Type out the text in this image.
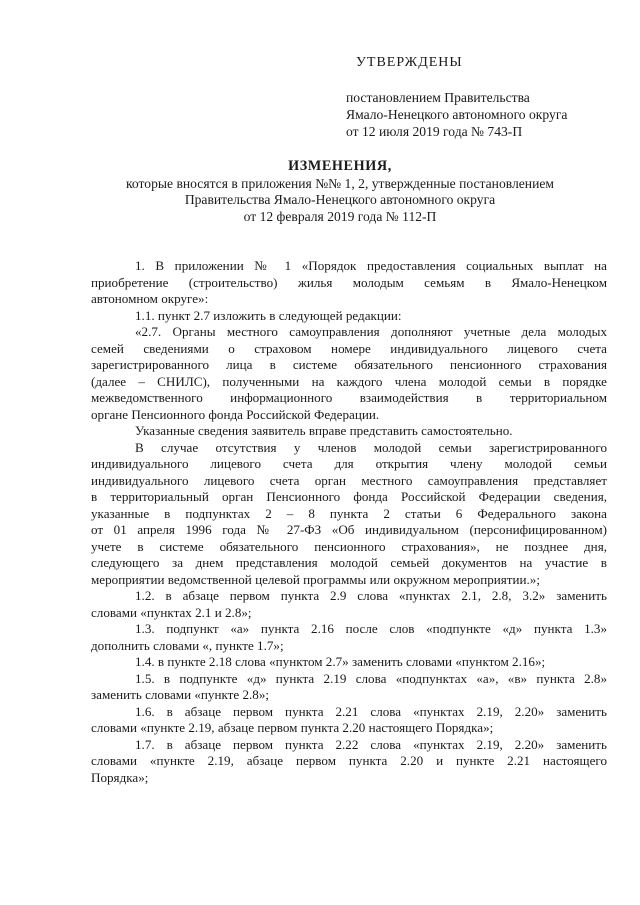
УТВЕРЖДЕНЫ
постановлением Правительства
Ямало-Ненецкого автономного округа
от 12 июля 2019 года № 743-П
ИЗМЕНЕНИЯ,
которые вносятся в приложения №№ 1, 2, утвержденные постановлением
Правительства Ямало-Ненецкого автономного округа
от 12 февраля 2019 года № 112-П
1. В приложении № 1 «Порядок предоставления социальных выплат на
приобретение (строительство) жилья молодым семьям в Ямало-Ненецком
автономном округе»:
1.1. пункт 2.7 изложить в следующей редакции:
«2.7. Органы местного самоуправления дополняют учетные дела молодых
семей сведениями о страховом номере индивидуального лицевого счета
зарегистрированного лица в системе обязательного пенсионного страхования
(далее – СНИЛС), полученными на каждого члена молодой семьи в порядке
межведомственного информационного взаимодействия в территориальном
органе Пенсионного фонда Российской Федерации.
Указанные сведения заявитель вправе представить самостоятельно.
В случае отсутствия у членов молодой семьи зарегистрированного
индивидуального лицевого счета для открытия члену молодой семьи
индивидуального лицевого счета орган местного самоуправления представляет
в территориальный орган Пенсионного фонда Российской Федерации сведения,
указанные в подпунктах 2 – 8 пункта 2 статьи 6 Федерального закона
от 01 апреля 1996 года № 27-ФЗ «Об индивидуальном (персонифицированном)
учете в системе обязательного пенсионного страхования», не позднее дня,
следующего за днем представления молодой семьей документов на участие в
мероприятии ведомственной целевой программы или окружном мероприятии.»;
1.2. в абзаце первом пункта 2.9 слова «пунктах 2.1, 2.8, 3.2» заменить
словами «пунктах 2.1 и 2.8»;
1.3. подпункт «а» пункта 2.16 после слов «подпункте «д» пункта 1.3»
дополнить словами «, пункте 1.7»;
1.4. в пункте 2.18 слова «пунктом 2.7» заменить словами «пунктом 2.16»;
1.5. в подпункте «д» пункта 2.19 слова «подпунктах «а», «в» пункта 2.8»
заменить словами «пункте 2.8»;
1.6. в абзаце первом пункта 2.21 слова «пунктах 2.19, 2.20» заменить
словами «пункте 2.19, абзаце первом пункта 2.20 настоящего Порядка»;
1.7. в абзаце первом пункта 2.22 слова «пунктах 2.19, 2.20» заменить
словами «пункте 2.19, абзаце первом пункта 2.20 и пункте 2.21 настоящего
Порядка»;
